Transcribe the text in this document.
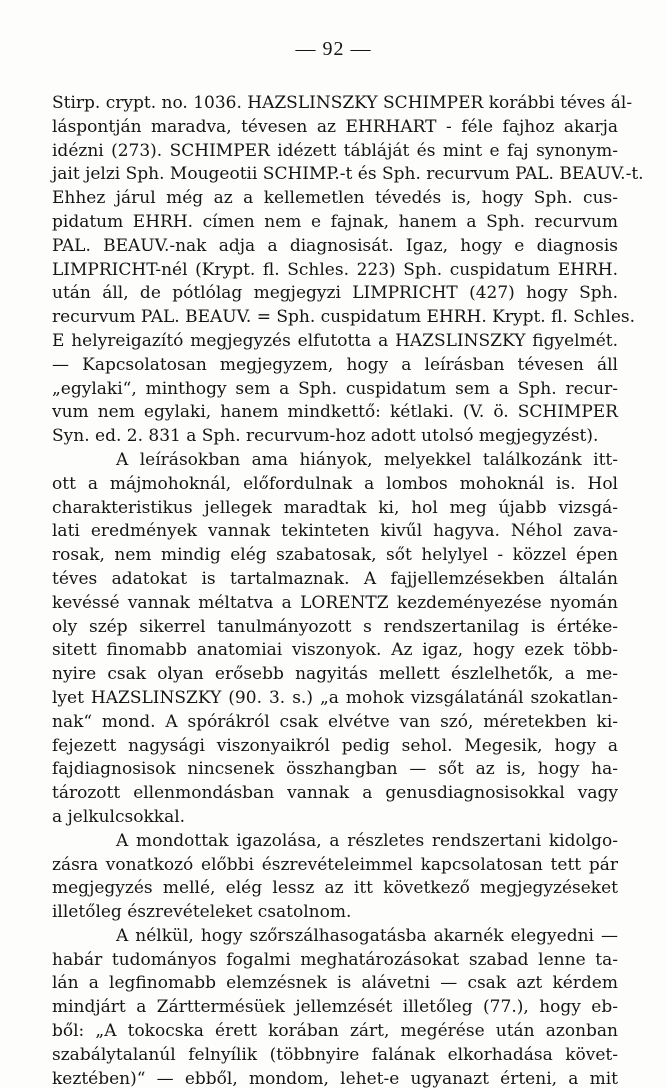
— 92 —
Stirp. crypt. no. 1036. HAZSLINSZKY SCHIMPER korábbi téves ál-
láspontján maradva, tévesen az EHRHART - féle fajhoz akarja
idézni (273). SCHIMPER idézett tábláját és mint e faj synonym-
jait jelzi Sph. Mougeotii SCHIMP.-t és Sph. recurvum PAL. BEAUV.-t.
Ehhez járul még az a kellemetlen tévedés is, hogy Sph. cus-
pidatum EHRH. címen nem e fajnak, hanem a Sph. recurvum
PAL. BEAUV.-nak adja a diagnosisát. Igaz, hogy e diagnosis
LIMPRICHT-nél (Krypt. fl. Schles. 223) Sph. cuspidatum EHRH.
után áll, de pótlólag megjegyzi LIMPRICHT (427) hogy Sph.
recurvum PAL. BEAUV. = Sph. cuspidatum EHRH. Krypt. fl. Schles.
E helyreigazító megjegyzés elfutotta a HAZSLINSZKY figyelmét.
— Kapcsolatosan megjegyzem, hogy a leírásban tévesen áll
„egylaki“, minthogy sem a Sph. cuspidatum sem a Sph. recur-
vum nem egylaki, hanem mindkettő: kétlaki. (V. ö. SCHIMPER
Syn. ed. 2. 831 a Sph. recurvum-hoz adott utolsó megjegyzést).
A leírásokban ama hiányok, melyekkel találkozánk itt-
ott a májmohoknál, előfordulnak a lombos mohoknál is. Hol
charakteristikus jellegek maradtak ki, hol meg újabb vizsgá-
lati eredmények vannak tekinteten kivűl hagyva. Néhol zava-
rosak, nem mindig elég szabatosak, sőt helylyel - közzel épen
téves adatokat is tartalmaznak. A fajjellemzésekben általán
kevéssé vannak méltatva a LORENTZ kezdeményezése nyomán
oly szép sikerrel tanulmányozott s rendszertanilag is értéke-
sitett finomabb anatomiai viszonyok. Az igaz, hogy ezek több-
nyire csak olyan erősebb nagyitás mellett észlelhetők, a me-
lyet HAZSLINSZKY (90. 3. s.) „a mohok vizsgálatánál szokatlan-
nak“ mond. A spórákról csak elvétve van szó, méretekben ki-
fejezett nagysági viszonyaikról pedig sehol. Megesik, hogy a
fajdiagnosisok nincsenek összhangban — sőt az is, hogy ha-
tározott ellenmondásban vannak a genusdiagnosisokkal vagy
a jelkulcsokkal.
A mondottak igazolása, a részletes rendszertani kidolgo-
zásra vonatkozó előbbi észrevételeimmel kapcsolatosan tett pár
megjegyzés mellé, elég lessz az itt következő megjegyzéseket
illetőleg észrevételeket csatolnom.
A nélkül, hogy szőrszálhasogatásba akarnék elegyedni —
habár tudományos fogalmi meghatározásokat szabad lenne ta-
lán a legfinomabb elemzésnek is alávetni — csak azt kérdem
mindjárt a Zárttermésüek jellemzését illetőleg (77.), hogy eb-
ből: „A tokocska érett korában zárt, megérése után azonban
szabálytalanúl felnyílik (többnyire falának elkorhadása követ-
keztében)“ — ebből, mondom, lehet-e ugyanazt érteni, a mit
